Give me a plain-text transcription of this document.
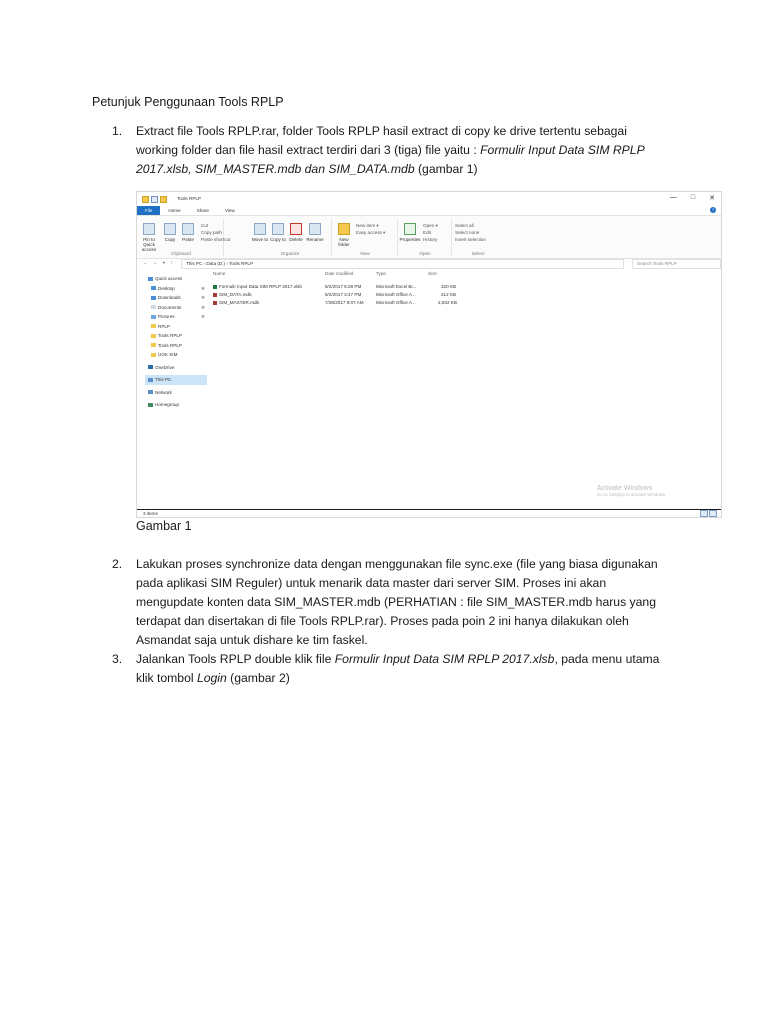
Petunjuk Penggunaan Tools RPLP
1. Extract file Tools RPLP.rar, folder Tools RPLP hasil extract di copy ke drive tertentu sebagai
working folder dan file hasil extract terdiri dari 3 (tiga) file yaitu : Formulir Input Data SIM RPLP
2017.xlsb, SIM_MASTER.mdb dan SIM_DATA.mdb (gambar 1)
Tools RPLP	— □ ✕
File	Home	Share	View	?
Pin to Quick access
Copy	Paste
Cut
Copy path
Paste shortcut
Clipboard
Move to Copy to Delete Rename
Organize
New folder
New item ▾
Easy access ▾
New
Properties
Open ▾
Edit
History
Open
Select all
Select none
Invert selection
Select
← → ▾ ↑	This PC › Data (D:) › Tools RPLP	Search Tools RPLP
Quick access
Desktop	✱
Downloads	✱
Documents	✱
Pictures	✱
RPLP
Tools RPLP
Tools RPLP
UGK SIM
OneDrive
This PC
Network
Homegroup
Name	Date modified	Type	Size
Formulir Input Data SIM RPLP 2017.xlsb	8/2/2017 5:28 PM	Microsoft Excel Bi...	320 KB
SIM_DATA.mdb	8/2/2017 3:47 PM	Microsoft Office A...	212 KB
SIM_MASTER.mdb	7/28/2017 9:07 AM	Microsoft Office A...	2,832 KB
Activate Windows
Go to Settings to activate Windows.
3 items
Gambar 1
2. Lakukan proses synchronize data dengan menggunakan file sync.exe (file yang biasa digunakan
pada aplikasi SIM Reguler) untuk menarik data master dari server SIM. Proses ini akan
mengupdate konten data SIM_MASTER.mdb (PERHATIAN : file SIM_MASTER.mdb harus yang
terdapat dan disertakan di file Tools RPLP.rar). Proses pada poin 2 ini hanya dilakukan oleh
Asmandat saja untuk dishare ke tim faskel.
3. Jalankan Tools RPLP double klik file Formulir Input Data SIM RPLP 2017.xlsb, pada menu utama
klik tombol Login (gambar 2)
